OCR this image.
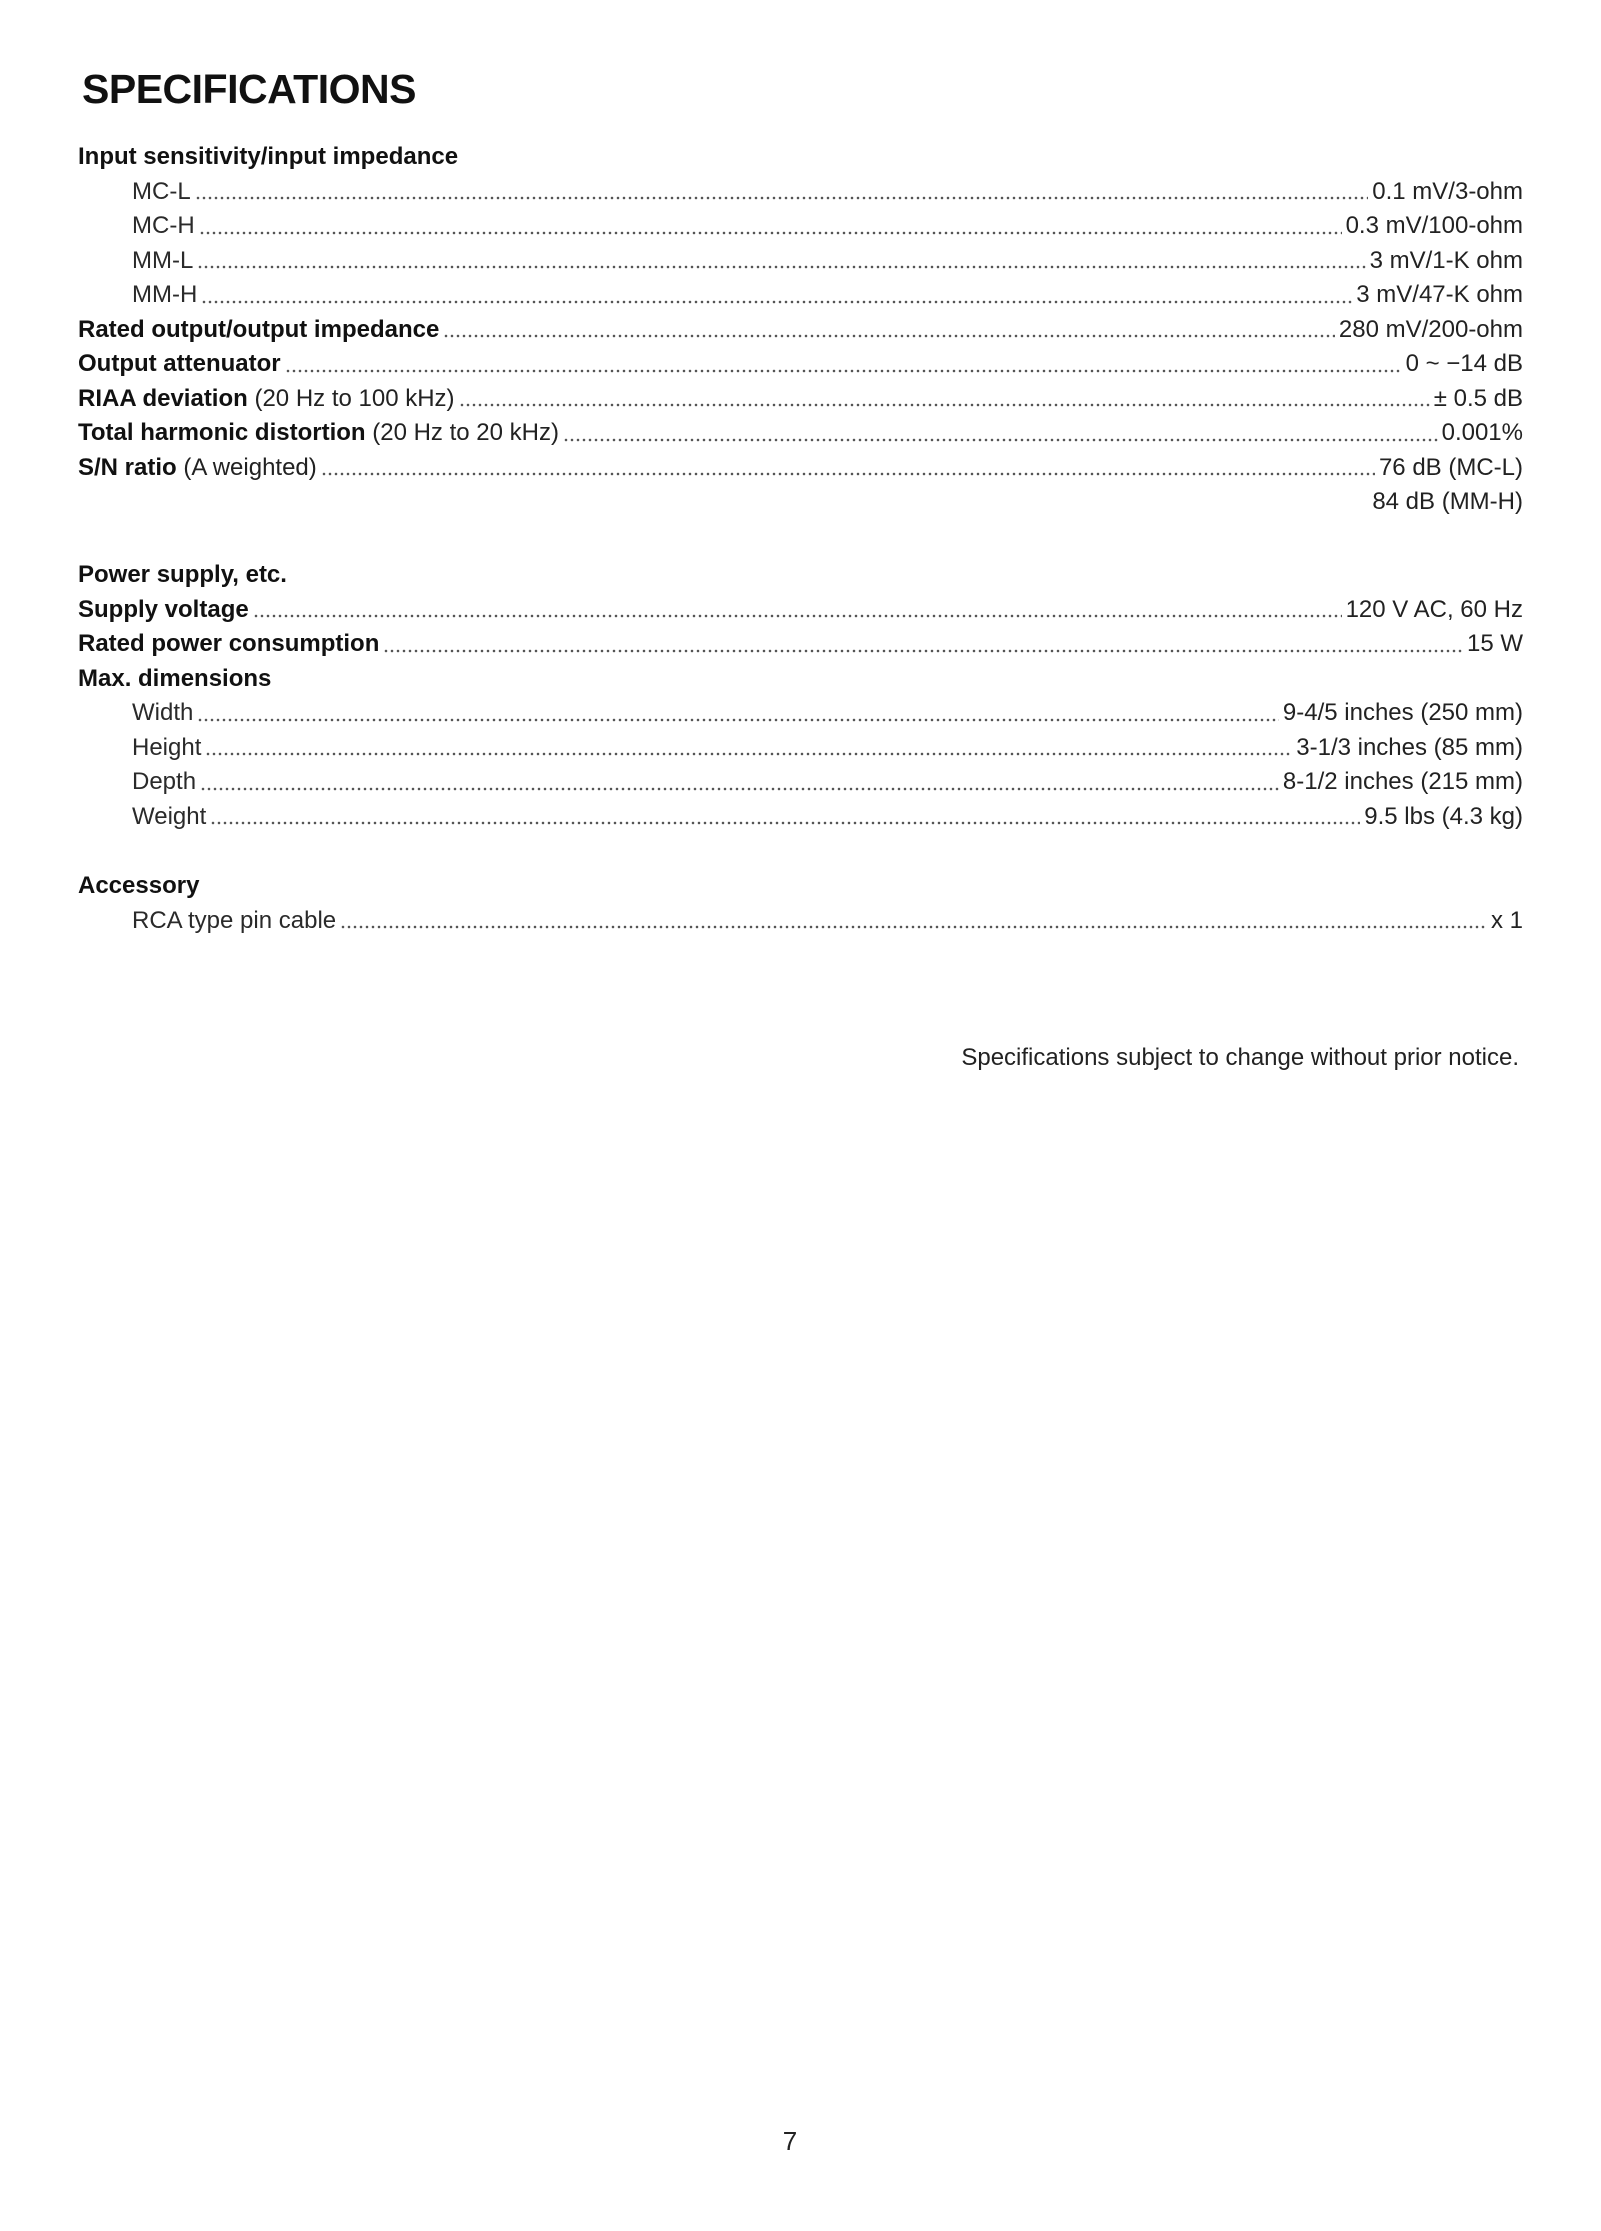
SPECIFICATIONS
Input sensitivity/input impedance
MC-L	0.1 mV/3-ohm
MC-H	0.3 mV/100-ohm
MM-L	3 mV/1-K ohm
MM-H	3 mV/47-K ohm
Rated output/output impedance	280 mV/200-ohm
Output attenuator	0 ~ −14 dB
RIAA deviation (20 Hz to 100 kHz)	± 0.5 dB
Total harmonic distortion (20 Hz to 20 kHz)	0.001%
S/N ratio (A weighted)	76 dB (MC-L)
84 dB (MM-H)
Power supply, etc.
Supply voltage	120 V AC, 60 Hz
Rated power consumption	15 W
Max. dimensions
Width	9-4/5 inches (250 mm)
Height	3-1/3 inches (85 mm)
Depth	8-1/2 inches (215 mm)
Weight	9.5 lbs (4.3 kg)
Accessory
RCA type pin cable	x 1
Specifications subject to change without prior notice.
7
